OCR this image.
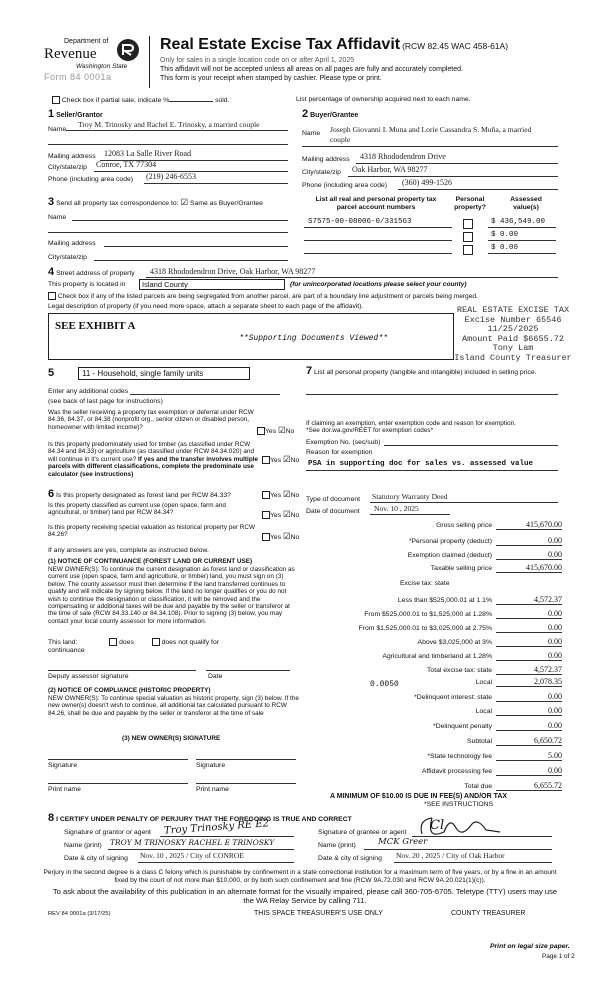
Department of
Revenue
Washington State
Form 84 0001a
Real Estate Excise Tax Affidavit (RCW 82.45 WAC 458-61A)
Only for sales in a single location code on or after April 1, 2025
This affidavit will not be accepted unless all areas on all pages are fully and accurately completed.
This form is your receipt when stamped by cashier. Please type or print.
Check box if partial sale, indicate %	sold.	List percentage of ownership acquired next to each name.
1 Seller/Grantor
Name
Troy M. Trinosky and Rachel E. Trinosky, a married couple
Mailing address 12083 La Salle River Road
City/state/zip Conroe, TX 77304
Phone (including area code) (219) 246-6553
2 Buyer/Grantee
Name Joseph Giovanni I. Muna and Lorie Cassandra S. Muña, a married
couple
Mailing address 4318 Rhododendron Drive
City/state/zip Oak Harbor, WA 98277
Phone (including area code) (360) 499-1526
3 Send all property tax correspondence to: ☑ Same as Buyer/Grantee
Name
Mailing address
City/state/zip
List all real and personal property tax parcel account numbers
Personal property?
Assessed value(s)
S7575-00-08006-0/331563	$ 436,549.00
$ 0.00
$ 0.00
4 Street address of property 4318 Rhododendron Drive, Oak Harbor, WA 98277
This property is located in	Island County	(for unincorporated locations please select your county)
Check box if any of the listed parcels are being segregated from another parcel, are part of a boundary line adjustment or parcels being merged.
Legal description of property (if you need more space, attach a separate sheet to each page of the affidavit).
SEE EXHIBIT A
**Supporting Documents Viewed**
REAL ESTATE EXCISE TAX
Excise Number 65546
11/25/2025
Amount Paid $6655.72
Tony Lam
Island County Treasurer
5	11 - Household, single family units
Enter any additional codes
(see back of last page for instructions)
Was the seller receiving a property tax exemption or deferral under RCW 84.36, 84.37, or 84.38 (nonprofit org., senior citizen or disabled person, homeowner with limited income)?
Yes ☑No
Is this property predominately used for timber (as classified under RCW 84.34 and 84.33) or agriculture (as classified under RCW 84.34.020) and will continue in it's current use? If yes and the transfer involves multiple parcels with different classifications, complete the predominate use calculator (see instructions)
Yes ☑No
6 Is this property designated as forest land per RCW 84.33?	Yes ☑No
Is this property classified as current use (open space, farm and agricultural, or timber) land per RCW 84.34?	Yes ☑No
Is this property receiving special valuation as historical property per RCW 84.26?	Yes ☑No
If any answers are yes, complete as instructed below.
(1) NOTICE OF CONTINUANCE (FOREST LAND OR CURRENT USE)
NEW OWNER(S): To continue the current designation as forest land or classification as current use (open space, farm and agriculture, or timber) land, you must sign on (3) below. The county assessor must then determine if the land transferred continues to qualify and will indicate by signing below. If the land no longer qualifies or you do not wish to continue the designation or classification, it will be removed and the compensating or additional taxes will be due and payable by the seller or transferor at the time of sale (RCW 84.33.140 or 84.34.108). Prior to signing (3) below, you may contact your local county assessor for more information.
This land:	does	does not qualify for
continuance
Deputy assessor signature	Date
(2) NOTICE OF COMPLIANCE (HISTORIC PROPERTY)
NEW OWNER(S): To continue special valuation as historic property, sign (3) below. If the new owner(s) doesn't wish to continue, all additional tax calculated pursuant to RCW 84.26, shall be due and payable by the seller or transferor at the time of sale
(3) NEW OWNER(S) SIGNATURE
Signature	Signature
Print name	Print name
7 List all personal property (tangible and intangible) included in selling price.
If claiming an exemption, enter exemption code and reason for exemption. *See dor.wa.gov/REET for exemption codes*
Exemption No. (sec/sub)
Reason for exemption
PSA in supporting doc for sales vs. assessed value
Type of document Statutory Warranty Deed
Date of document Nov. 10 , 2025
Gross selling price	415,670.00
*Personal property (deduct)	0.00
Exemption claimed (deduct)	0.00
Taxable selling price	415,670.00
Excise tax: state
Less than $525,000.01 at 1.1%	4,572.37
From $525,000.01 to $1,525,000 at 1.28%	0.00
From $1,525,000.01 to $3,025,000 at 2.75%	0.00
Above $3,025,000 at 3%	0.00
Agricultural and timberland at 1.28%	0.00
Total excise tax: state	4,572.37
0.0050	Local	2,078.35
*Delinquent interest: state	0.00
Local	0.00
*Delinquent penalty	0.00
Subtotal	6,650.72
*State technology fee	5.00
Affidavit processing fee	0.00
Total due	6,655.72
A MINIMUM OF $10.00 IS DUE IN FEE(S) AND/OR TAX
*SEE INSTRUCTIONS
8 I CERTIFY UNDER PENALTY OF PERJURY THAT THE FOREGOING IS TRUE AND CORRECT
Signature of grantor or agent Troy Trinosky RE E2
Name (print) TROY M TRINOSKY RACHEL E TRINOSKY
Date & city of signing Nov. 10 , 2025 / City of CONROE
Signature of grantee or agent Cl
Name (print)	MCK Greer
Date & city of signing Nov. 20 , 2025 / City of Oak Harbor
Perjury in the second degree is a class C felony which is punishable by confinement in a state correctional institution for a maximum term of five years, or by a fine in an amount fixed by the court of not more than $10,000, or by both such confinement and fine (RCW 9A.72.030 and RCW 9A.20.021(1)(c)).
To ask about the availability of this publication in an alternate format for the visually impaired, please call 360-705-6705. Teletype (TTY) users may use the WA Relay Service by calling 711.
REV 84 0001a (3/17/25)	THIS SPACE TREASURER'S USE ONLY	COUNTY TREASURER
Print on legal size paper.
Page 1 of 2
